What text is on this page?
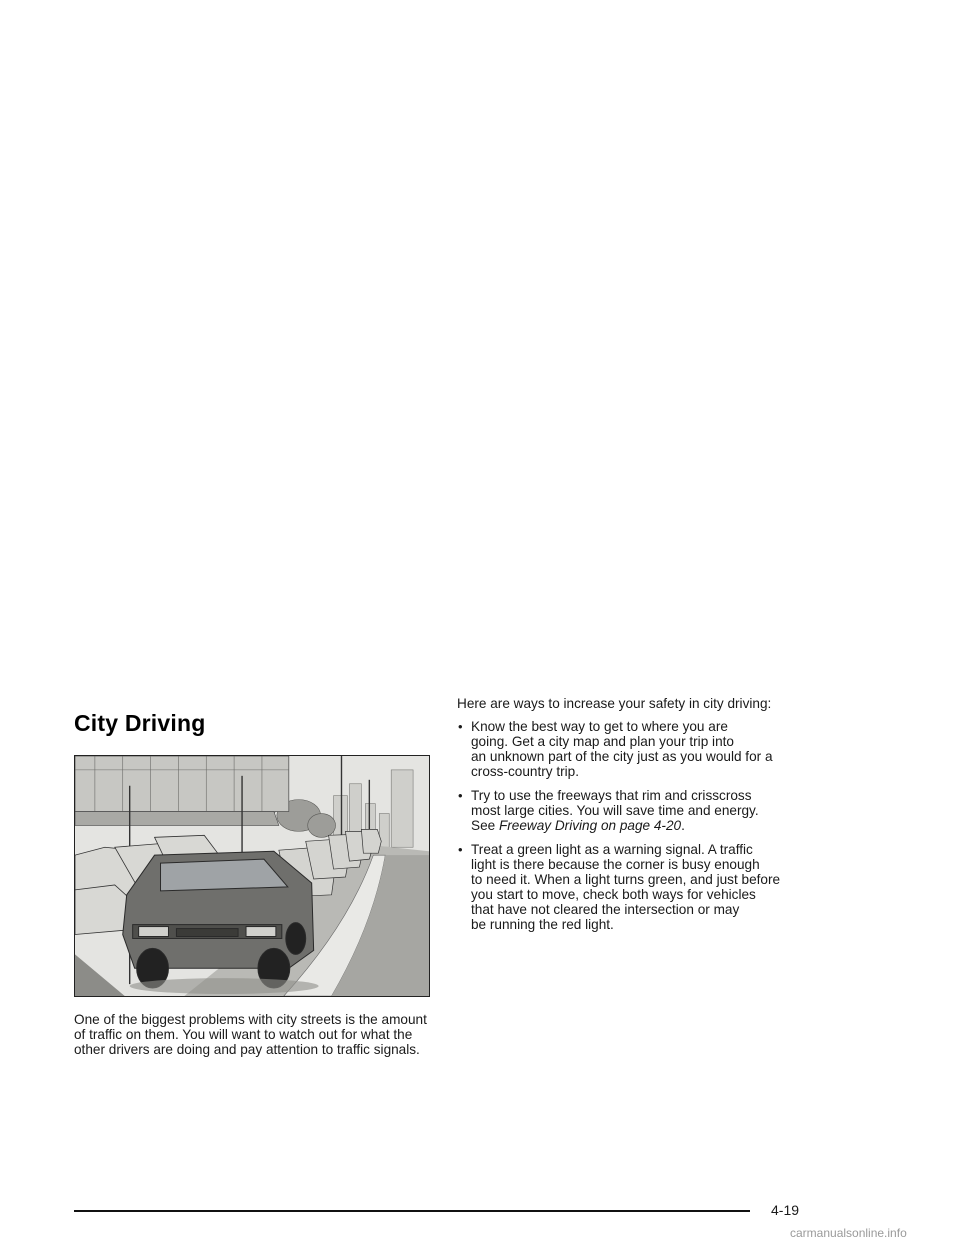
City Driving

One of the biggest problems with city streets is the amount of traffic on them. You will want to watch out for what the other drivers are doing and pay attention to traffic signals.

Here are ways to increase your safety in city driving:

• Know the best way to get to where you are
going. Get a city map and plan your trip into
an unknown part of the city just as you would for a
cross-country trip.
• Try to use the freeways that rim and crisscross
most large cities. You will save time and energy.
See Freeway Driving on page 4-20.
• Treat a green light as a warning signal. A traffic
light is there because the corner is busy enough
to need it. When a light turns green, and just before
you start to move, check both ways for vehicles
that have not cleared the intersection or may
be running the red light.
4-19
carmanualsonline.info
